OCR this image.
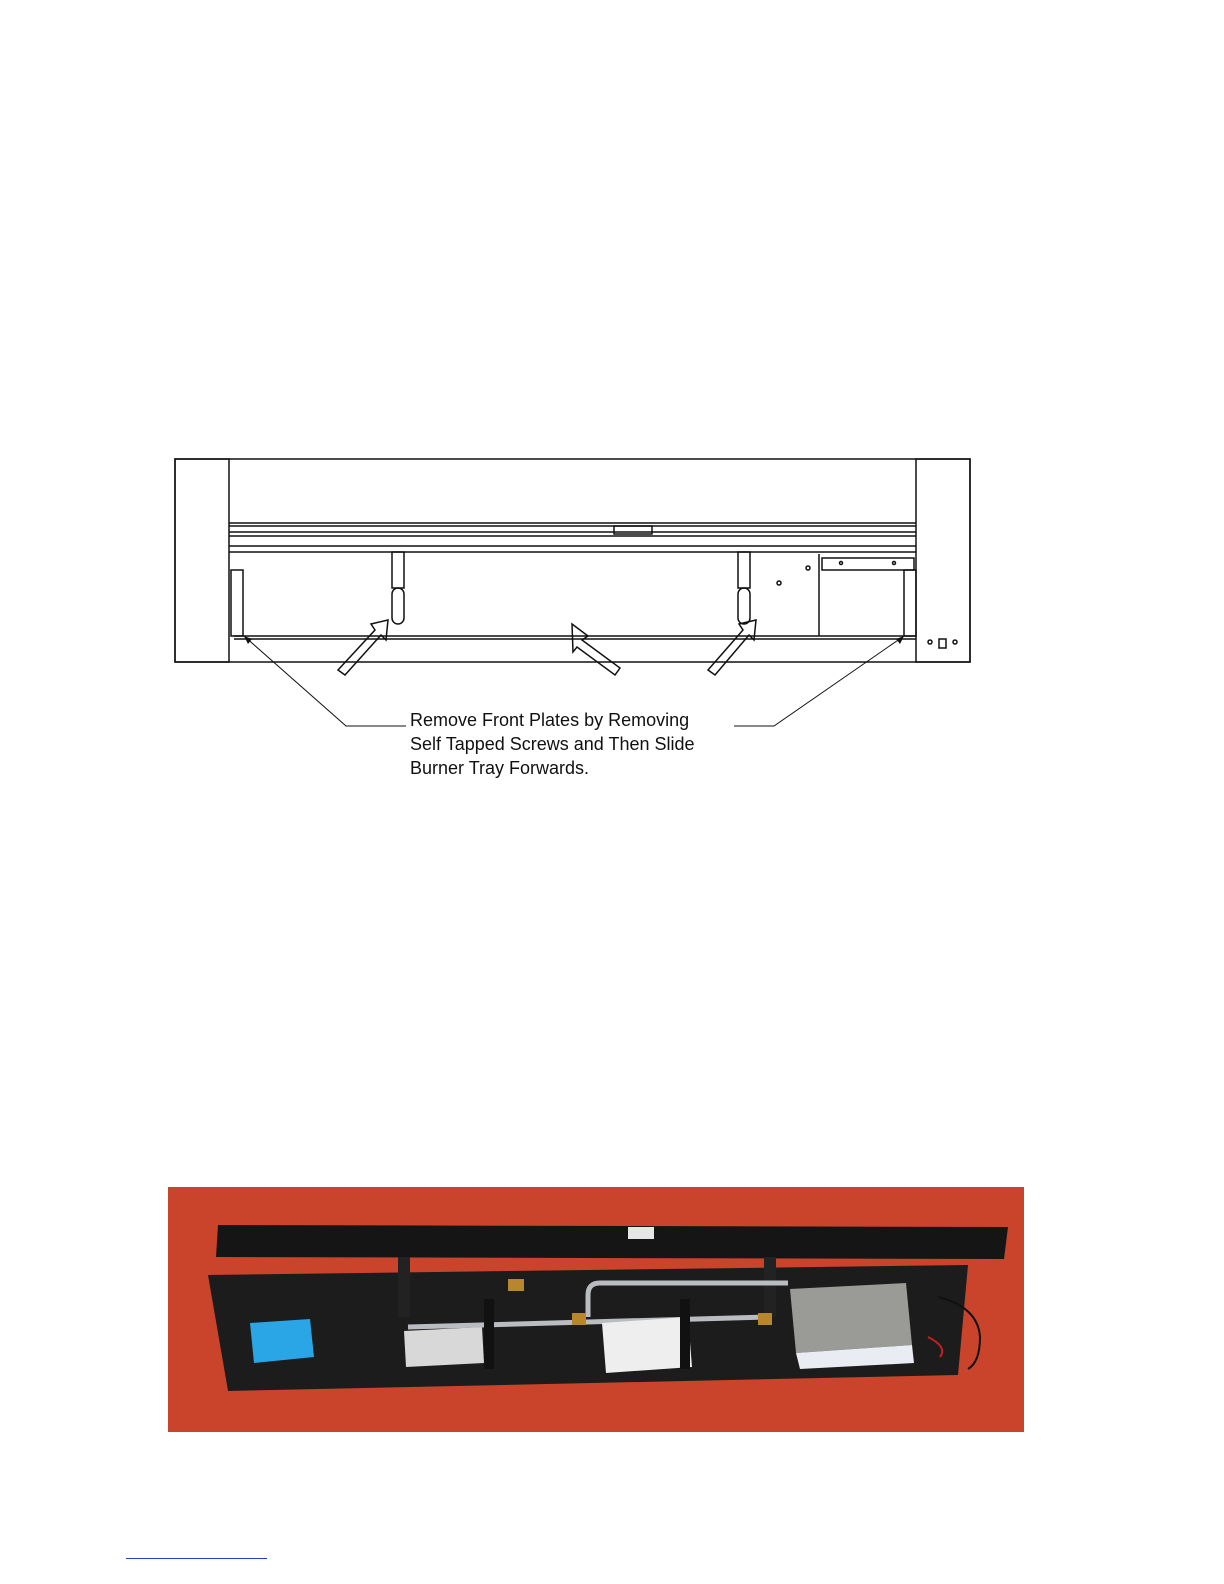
Remove Front Plates by Removing
Self Tapped Screws and Then Slide
Burner Tray Forwards.
